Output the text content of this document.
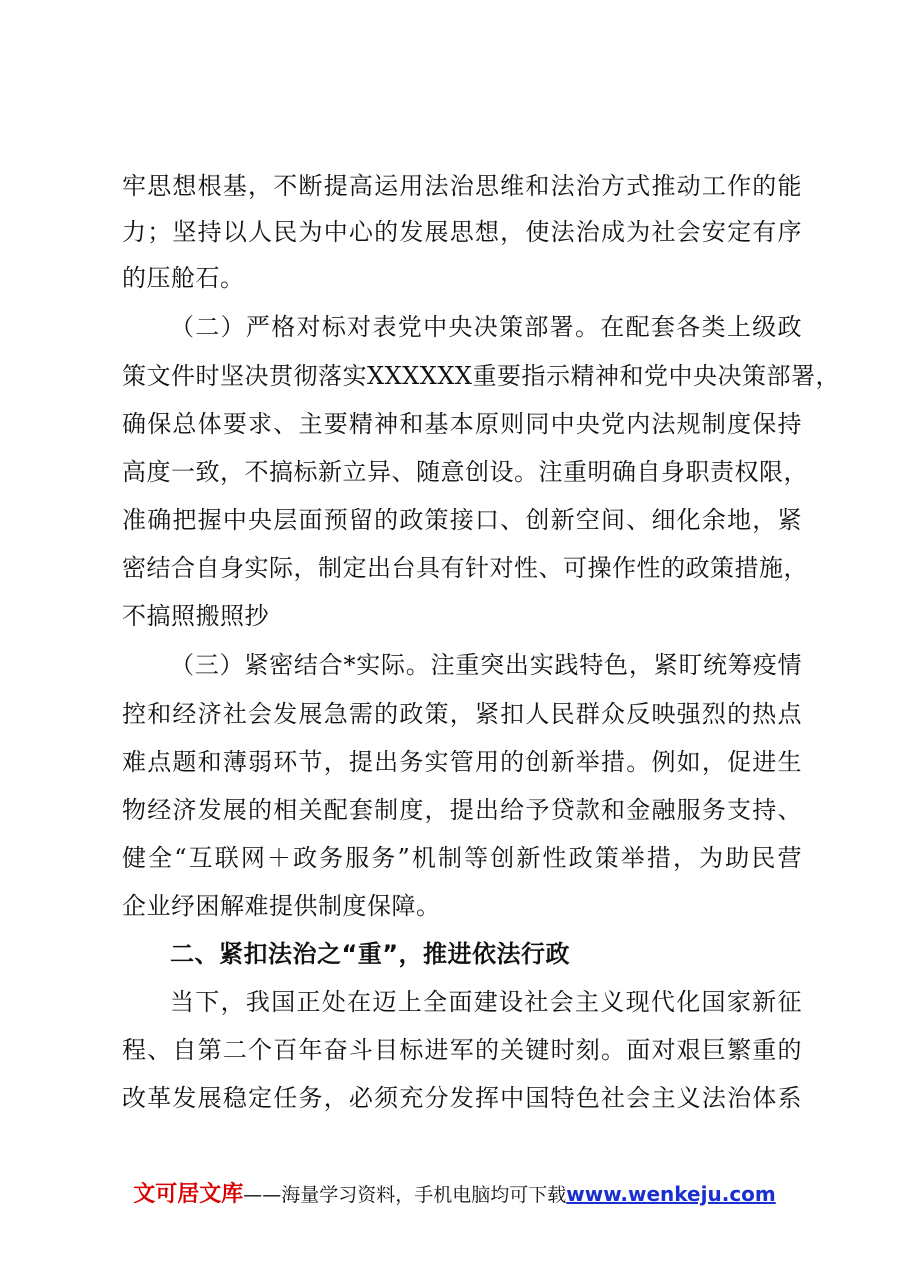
牢思想根基，不断提高运用法治思维和法治方式推动工作的能
力；坚持以人民为中心的发展思想，使法治成为社会安定有序
的压舱石。
（二）严格对标对表党中央决策部署。在配套各类上级政
策文件时坚决贯彻落实XXXXXX重要指示精神和党中央决策部署，
确保总体要求、主要精神和基本原则同中央党内法规制度保持
高度一致，不搞标新立异、随意创设。注重明确自身职责权限，
准确把握中央层面预留的政策接口、创新空间、细化余地，紧
密结合自身实际，制定出台具有针对性、可操作性的政策措施，
不搞照搬照抄
（三）紧密结合*实际。注重突出实践特色，紧盯统筹疫情
控和经济社会发展急需的政策，紧扣人民群众反映强烈的热点
难点题和薄弱环节，提出务实管用的创新举措。例如，促进生
物经济发展的相关配套制度，提出给予贷款和金融服务支持、
健全“互联网＋政务服务”机制等创新性政策举措，为助民营
企业纾困解难提供制度保障。
二、紧扣法治之“重”，推进依法行政
当下，我国正处在迈上全面建设社会主义现代化国家新征
程、自第二个百年奋斗目标进军的关键时刻。面对艰巨繁重的
改革发展稳定任务，必须充分发挥中国特色社会主义法治体系
文可居文库——海量学习资料，手机电脑均可下载www.wenkeju.com
